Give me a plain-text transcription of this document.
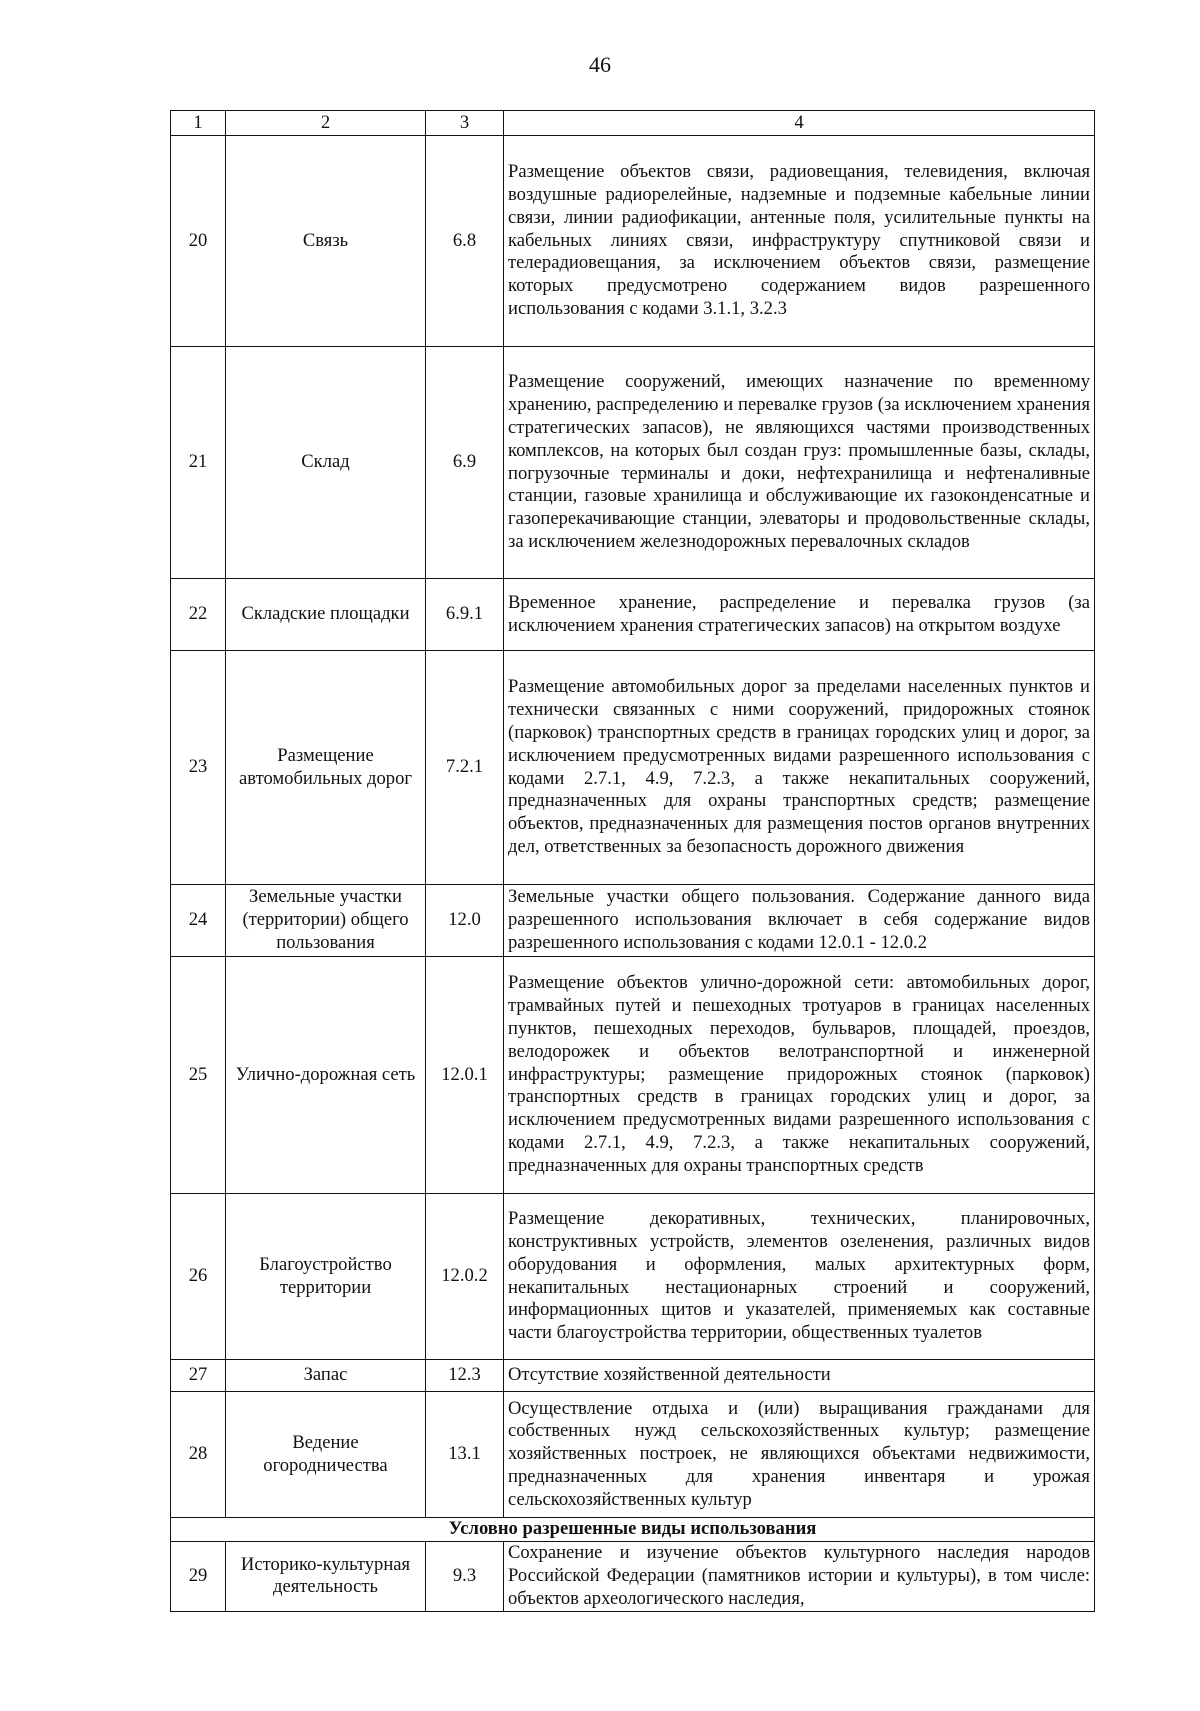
46
1	2	3	4
20	Связь	6.8	Размещение объектов связи, радиовещания, телевидения, включая воздушные радиорелейные, надземные и подземные кабельные линии связи, линии радиофикации, антенные поля, усилительные пункты на кабельных линиях связи, инфраструктуру спутниковой связи и телерадиовещания, за исключением объектов связи, размещение которых предусмотрено содержанием видов разрешенного использования с кодами 3.1.1, 3.2.3
21	Склад	6.9	Размещение сооружений, имеющих назначение по временному хранению, распределению и перевалке грузов (за исключением хранения стратегических запасов), не являющихся частями производственных комплексов, на которых был создан груз: промышленные базы, склады, погрузочные терминалы и доки, нефтехранилища и нефтеналивные станции, газовые хранилища и обслуживающие их газоконденсатные и газоперекачивающие станции, элеваторы и продовольственные склады, за исключением железнодорожных перевалочных складов
22	Складские площадки	6.9.1	Временное хранение, распределение и перевалка грузов (за исключением хранения стратегических запасов) на открытом воздухе
23	Размещение автомобильных дорог	7.2.1	Размещение автомобильных дорог за пределами населенных пунктов и технически связанных с ними сооружений, придорожных стоянок (парковок) транспортных средств в границах городских улиц и дорог, за исключением предусмотренных видами разрешенного использования с кодами 2.7.1, 4.9, 7.2.3, а также некапитальных сооружений, предназначенных для охраны транспортных средств; размещение объектов, предназначенных для размещения постов органов внутренних дел, ответственных за безопасность дорожного движения
24	Земельные участки (территории) общего пользования	12.0	Земельные участки общего пользования. Содержание данного вида разрешенного использования включает в себя содержание видов разрешенного использования с кодами 12.0.1 - 12.0.2
25	Улично-дорожная сеть	12.0.1	Размещение объектов улично-дорожной сети: автомобильных дорог, трамвайных путей и пешеходных тротуаров в границах населенных пунктов, пешеходных переходов, бульваров, площадей, проездов, велодорожек и объектов велотранспортной и инженерной инфраструктуры; размещение придорожных стоянок (парковок) транспортных средств в границах городских улиц и дорог, за исключением предусмотренных видами разрешенного использования с кодами 2.7.1, 4.9, 7.2.3, а также некапитальных сооружений, предназначенных для охраны транспортных средств
26	Благоустройство территории	12.0.2	Размещение декоративных, технических, планировочных, конструктивных устройств, элементов озеленения, различных видов оборудования и оформления, малых архитектурных форм, некапитальных нестационарных строений и сооружений, информационных щитов и указателей, применяемых как составные части благоустройства территории, общественных туалетов
27	Запас	12.3	Отсутствие хозяйственной деятельности
28	Ведение огородничества	13.1	Осуществление отдыха и (или) выращивания гражданами для собственных нужд сельскохозяйственных культур; размещение хозяйственных построек, не являющихся объектами недвижимости, предназначенных для хранения инвентаря и урожая сельскохозяйственных культур
Условно разрешенные виды использования			
29	Историко-культурная деятельность	9.3	Сохранение и изучение объектов культурного наследия народов Российской Федерации (памятников истории и культуры), в том числе: объектов археологического наследия,
